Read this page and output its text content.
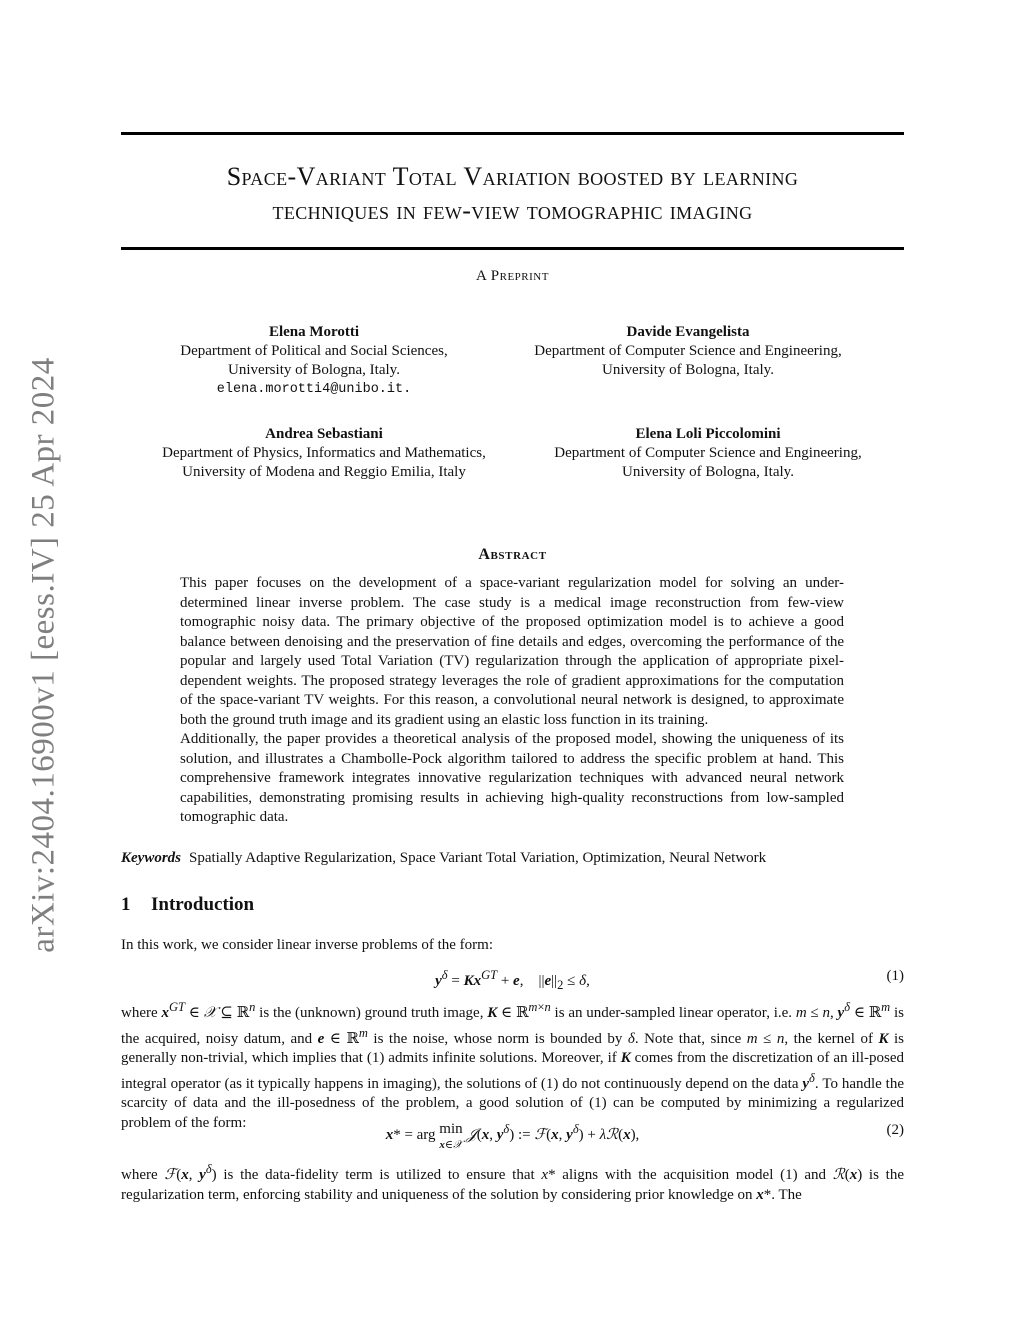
Space-Variant Total Variation boosted by learning
techniques in few-view tomographic imaging
A Preprint
Elena Morotti
Department of Political and Social Sciences,
University of Bologna, Italy.
elena.morotti4@unibo.it.
Davide Evangelista
Department of Computer Science and Engineering,
University of Bologna, Italy.
Andrea Sebastiani
Department of Physics, Informatics and Mathematics,
University of Modena and Reggio Emilia, Italy
Elena Loli Piccolomini
Department of Computer Science and Engineering,
University of Bologna, Italy.
arXiv:2404.16900v1 [eess.IV] 25 Apr 2024	Abstract

This paper focuses on the development of a space-variant regularization model for solving an under-determined linear inverse problem. The case study is a medical image reconstruction from few-view tomographic noisy data. The primary objective of the proposed optimization model is to achieve a good balance between denoising and the preservation of fine details and edges, overcoming the performance of the popular and largely used Total Variation (TV) regularization through the application of appropriate pixel-dependent weights. The proposed strategy leverages the role of gradient approximations for the computation of the space-variant TV weights. For this reason, a convolutional neural network is designed, to approximate both the ground truth image and its gradient using an elastic loss function in its training.

Additionally, the paper provides a theoretical analysis of the proposed model, showing the uniqueness of its solution, and illustrates a Chambolle-Pock algorithm tailored to address the specific problem at hand. This comprehensive framework integrates innovative regularization techniques with advanced neural network capabilities, demonstrating promising results in achieving high-quality reconstructions from low-sampled tomographic data.

Keywords Spatially Adaptive Regularization, Space Variant Total Variation, Optimization, Neural Network
1 Introduction

In this work, we consider linear inverse problems of the form:

$y^\delta = Kx^{GT} + e$,    $||e||_2 \le \delta$,	(1)

where $x^{GT}$ ∈ 𝒳 ⊆ ℝ$^n$ is the (unknown) ground truth image, K ∈ ℝ$^{m\times n}$ is an under-sampled linear operator, i.e. m ≤ n, $y^\delta$ ∈ ℝ$^m$ is the acquired, noisy datum, and e ∈ ℝ$^m$ is the noise, whose norm is bounded by δ. Note that, since m ≤ n, the kernel of K is generally non-trivial, which implies that (1) admits infinite solutions. Moreover, if K comes from the discretization of an ill-posed integral operator (as it typically happens in imaging), the solutions of (1) do not continuously depend on the data $y^\delta$. To handle the scarcity of data and the ill-posedness of the problem, a good solution of (1) can be computed by minimizing a regularized problem of the form:

x* = arg min
x∈𝒳 𝒥(x, $y^\delta$) := ℱ(x, $y^\delta$) + λℛ(x),	(2)

where ℱ(x, $y^\delta$) is the data-fidelity term is utilized to ensure that x* aligns with the acquisition model (1) and ℛ(x) is the regularization term, enforcing stability and uniqueness of the solution by considering prior knowledge on x*. The
